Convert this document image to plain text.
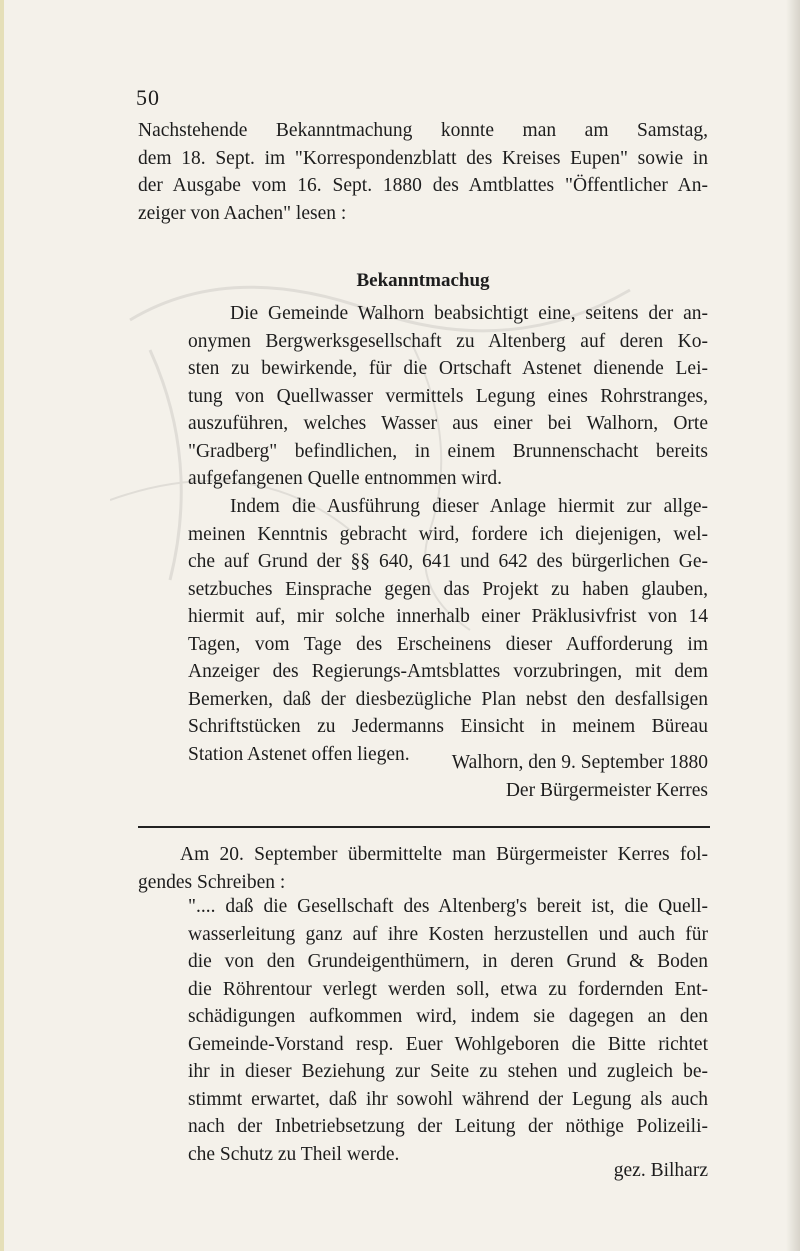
50
Nachstehende Bekanntmachung konnte man am Samstag,
dem 18. Sept. im "Korrespondenzblatt des Kreises Eupen" sowie in
der Ausgabe vom 16. Sept. 1880 des Amtblattes "Öffentlicher An-
zeiger von Aachen" lesen :
Bekanntmachug
Die Gemeinde Walhorn beabsichtigt eine, seitens der an-
onymen Bergwerksgesellschaft zu Altenberg auf deren Ko-
sten zu bewirkende, für die Ortschaft Astenet dienende Lei-
tung von Quellwasser vermittels Legung eines Rohrstranges,
auszuführen, welches Wasser aus einer bei Walhorn, Orte
"Gradberg" befindlichen, in einem Brunnenschacht bereits
aufgefangenen Quelle entnommen wird.
Indem die Ausführung dieser Anlage hiermit zur allge-
meinen Kenntnis gebracht wird, fordere ich diejenigen, wel-
che auf Grund der §§ 640, 641 und 642 des bürgerlichen Ge-
setzbuches Einsprache gegen das Projekt zu haben glauben,
hiermit auf, mir solche innerhalb einer Präklusivfrist von 14
Tagen, vom Tage des Erscheinens dieser Aufforderung im
Anzeiger des Regierungs-Amtsblattes vorzubringen, mit dem
Bemerken, daß der diesbezügliche Plan nebst den desfallsigen
Schriftstücken zu Jedermanns Einsicht in meinem Büreau
Station Astenet offen liegen.	Walhorn, den 9. September 1880
Der Bürgermeister Kerres
Am 20. September übermittelte man Bürgermeister Kerres fol-
gendes Schreiben :
".... daß die Gesellschaft des Altenberg's bereit ist, die Quell-
wasserleitung ganz auf ihre Kosten herzustellen und auch für
die von den Grundeigenthümern, in deren Grund & Boden
die Röhrentour verlegt werden soll, etwa zu fordernden Ent-
schädigungen aufkommen wird, indem sie dagegen an den
Gemeinde-Vorstand resp. Euer Wohlgeboren die Bitte richtet
ihr in dieser Beziehung zur Seite zu stehen und zugleich be-
stimmt erwartet, daß ihr sowohl während der Legung als auch
nach der Inbetriebsetzung der Leitung der nöthige Polizeili-
che Schutz zu Theil werde.
gez. Bilharz
